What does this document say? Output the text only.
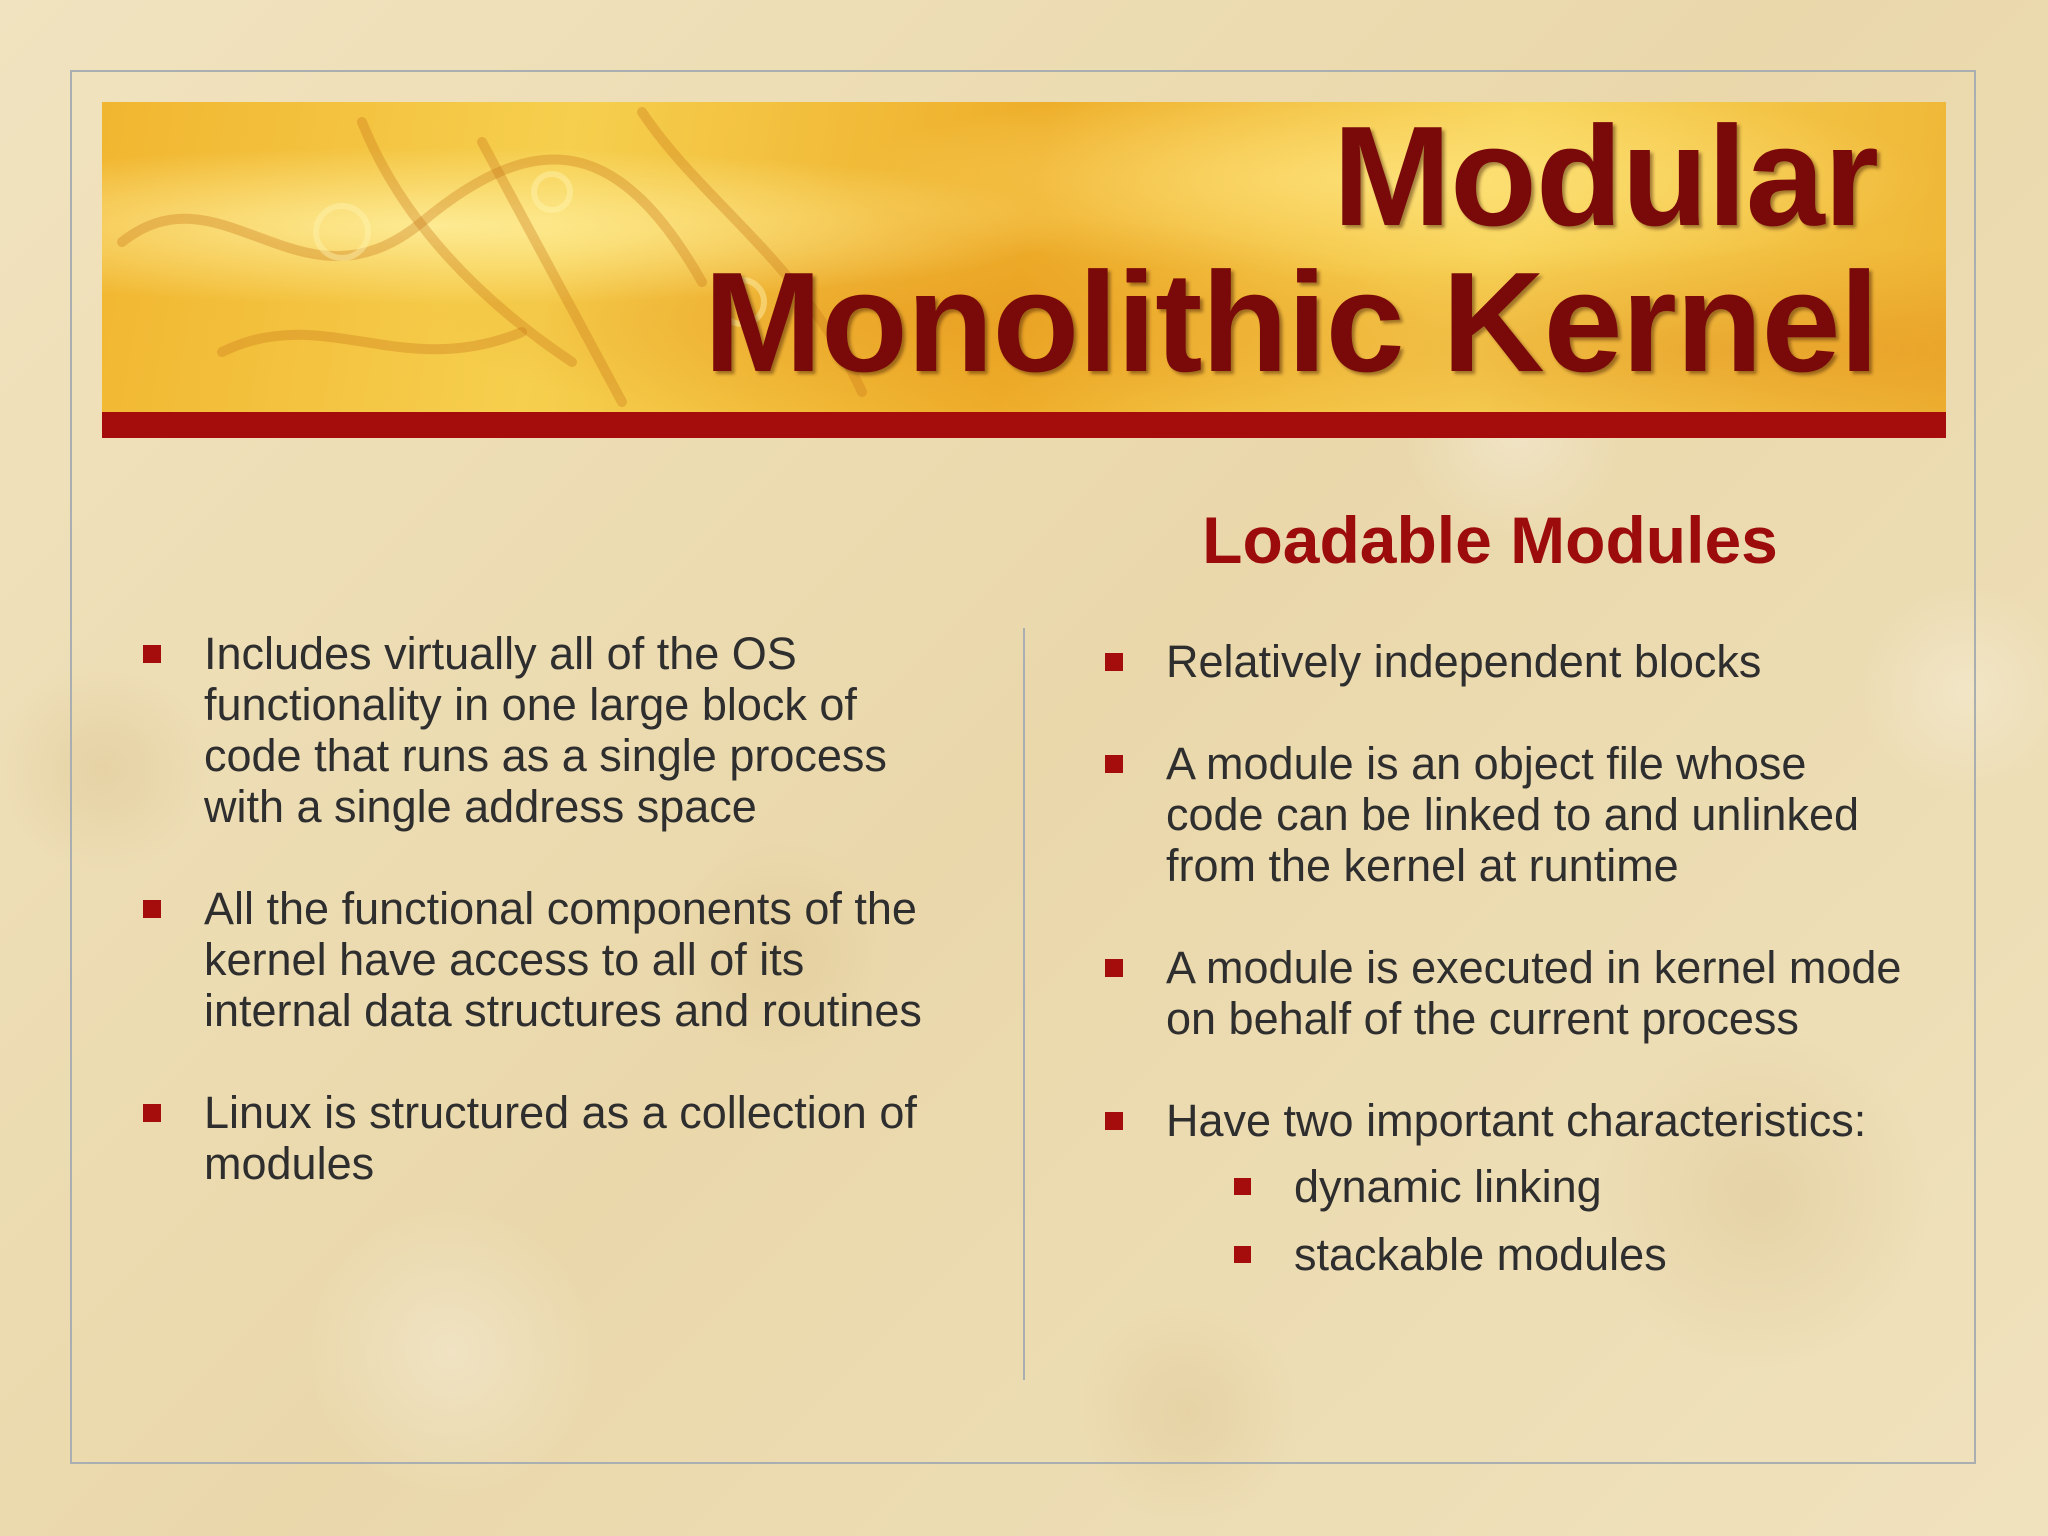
Modular
Monolithic Kernel
Loadable Modules
Includes virtually all of the OS functionality in one large block of code that runs as a single process with a single address space
All the functional components of the kernel have access to all of its internal data structures and routines
Linux is structured as a collection of modules
Relatively independent blocks
A module is an object file whose code can be linked to and unlinked from the kernel at runtime
A module is executed in kernel mode on behalf of the current process
Have two important characteristics:
dynamic linking
stackable modules
